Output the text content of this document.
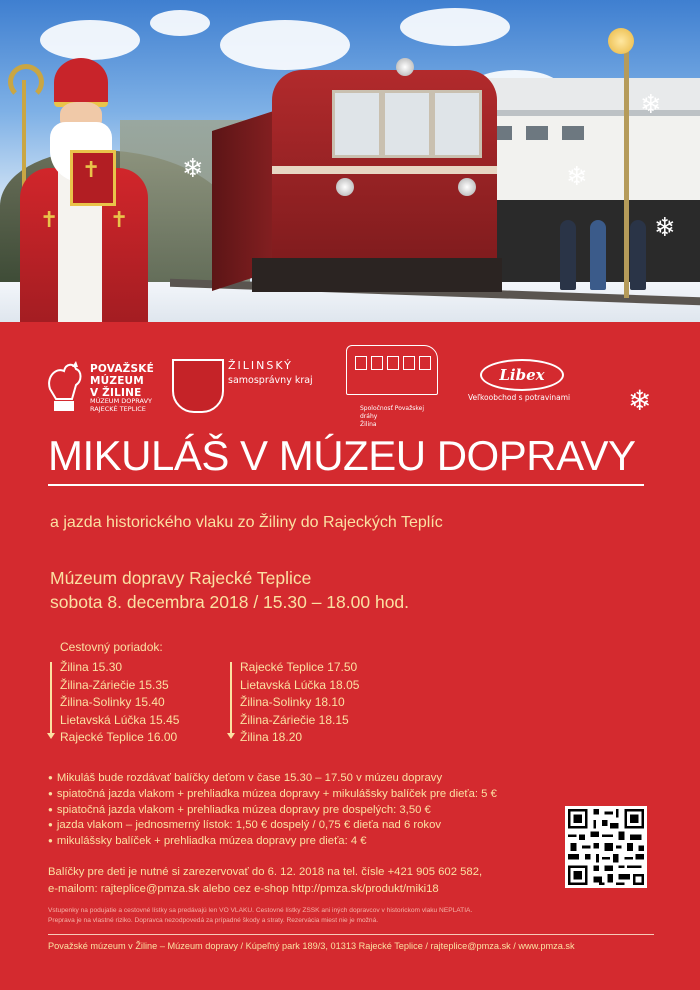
❄
❄
❄
❄
✝
✝ ✝
POVAŽSKÉ
MÚZEUM
V ŽILINE
MÚZEUM DOPRAVY
RAJECKÉ TEPLICE
ŽILINSKÝ
samosprávny kraj
Spoločnosť Považskej dráhy
Žilina
Libex
Veľkoobchod s potravinami ❄
MIKULÁŠ V MÚZEU DOPRAVY
a jazda historického vlaku zo Žiliny do Rajeckých Teplíc
Múzeum dopravy Rajecké Teplice
sobota 8. decembra 2018 / 15.30 – 18.00 hod.
Cestovný poriadok:
Žilina 15.30
Žilina-Záriečie 15.35
Žilina-Solinky 15.40
Lietavská Lúčka 15.45
Rajecké Teplice 16.00
Rajecké Teplice 17.50
Lietavská Lúčka 18.05
Žilina-Solinky 18.10
Žilina-Záriečie 18.15
Žilina 18.20
● Mikuláš bude rozdávať balíčky deťom v čase 15.30 – 17.50 v múzeu dopravy
● spiatočná jazda vlakom + prehliadka múzea dopravy + mikulášsky balíček pre dieťa: 5 €
● spiatočná jazda vlakom + prehliadka múzea dopravy pre dospelých: 3,50 €
● jazda vlakom – jednosmerný lístok: 1,50 € dospelý / 0,75 € dieťa nad 6 rokov
● mikulášsky balíček + prehliadka múzea dopravy pre dieťa: 4 €
Balíčky pre deti je nutné si zarezervovať do 6. 12. 2018 na tel. čísle +421 905 602 582,
e-mailom: rajteplice@pmza.sk alebo cez e-shop http://pmza.sk/produkt/miki18
Vstupenky na podujatie a cestovné lístky sa predávajú len VO VLAKU. Cestovné lístky ZSSK ani iných dopravcov v historickom vlaku NEPLATIA.
Preprava je na vlastné riziko. Dopravca nezodpovedá za prípadné škody a straty. Rezervácia miest nie je možná.
Považské múzeum v Žiline – Múzeum dopravy / Kúpeľný park 189/3, 01313 Rajecké Teplice / rajteplice@pmza.sk / www.pmza.sk
